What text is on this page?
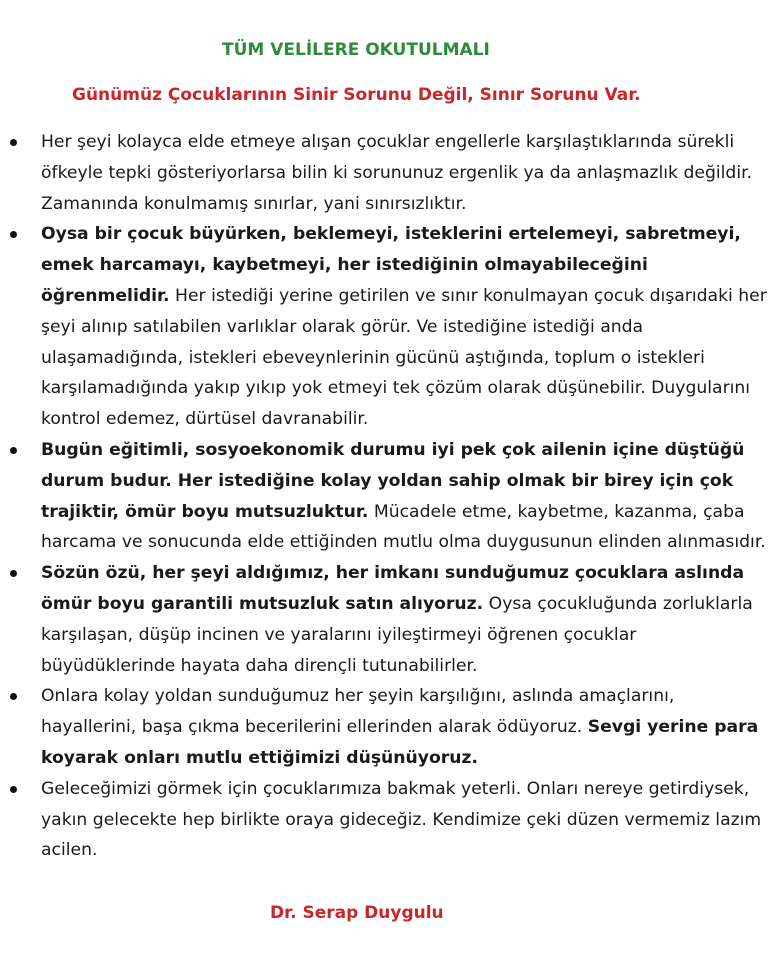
TÜM VELİLERE OKUTULMALI
Günümüz Çocuklarının Sinir Sorunu Değil, Sınır Sorunu Var.
Her şeyi kolayca elde etmeye alışan çocuklar engellerle karşılaştıklarında sürekli öfkeyle tepki gösteriyorlarsa bilin ki sorununuz ergenlik ya da anlaşmazlık değildir. Zamanında konulmamış sınırlar, yani sınırsızlıktır.
Oysa bir çocuk büyürken, beklemeyi, isteklerini ertelemeyi, sabretmeyi, emek harcamayı, kaybetmeyi, her istediğinin olmayabileceğini öğrenmelidir. Her istediği yerine getirilen ve sınır konulmayan çocuk dışarıdaki her şeyi alınıp satılabilen varlıklar olarak görür. Ve istediğine istediği anda ulaşamadığında, istekleri ebeveynlerinin gücünü aştığında, toplum o istekleri karşılamadığında yakıp yıkıp yok etmeyi tek çözüm olarak düşünebilir. Duygularını kontrol edemez, dürtüsel davranabilir.
Bugün eğitimli, sosyoekonomik durumu iyi pek çok ailenin içine düştüğü durum budur. Her istediğine kolay yoldan sahip olmak bir birey için çok trajiktir, ömür boyu mutsuzluktur. Mücadele etme, kaybetme, kazanma, çaba harcama ve sonucunda elde ettiğinden mutlu olma duygusunun elinden alınmasıdır.
Sözün özü, her şeyi aldığımız, her imkanı sunduğumuz çocuklara aslında ömür boyu garantili mutsuzluk satın alıyoruz. Oysa çocukluğunda zorluklarla karşılaşan, düşüp incinen ve yaralarını iyileştirmeyi öğrenen çocuklar büyüdüklerinde hayata daha dirençli tutunabilirler.
Onlara kolay yoldan sunduğumuz her şeyin karşılığını, aslında amaçlarını, hayallerini, başa çıkma becerilerini ellerinden alarak ödüyoruz. Sevgi yerine para koyarak onları mutlu ettiğimizi düşünüyoruz.
Geleceğimizi görmek için çocuklarımıza bakmak yeterli. Onları nereye getirdiysek, yakın gelecekte hep birlikte oraya gideceğiz. Kendimize çeki düzen vermemiz lazım acilen.
Dr. Serap Duygulu
